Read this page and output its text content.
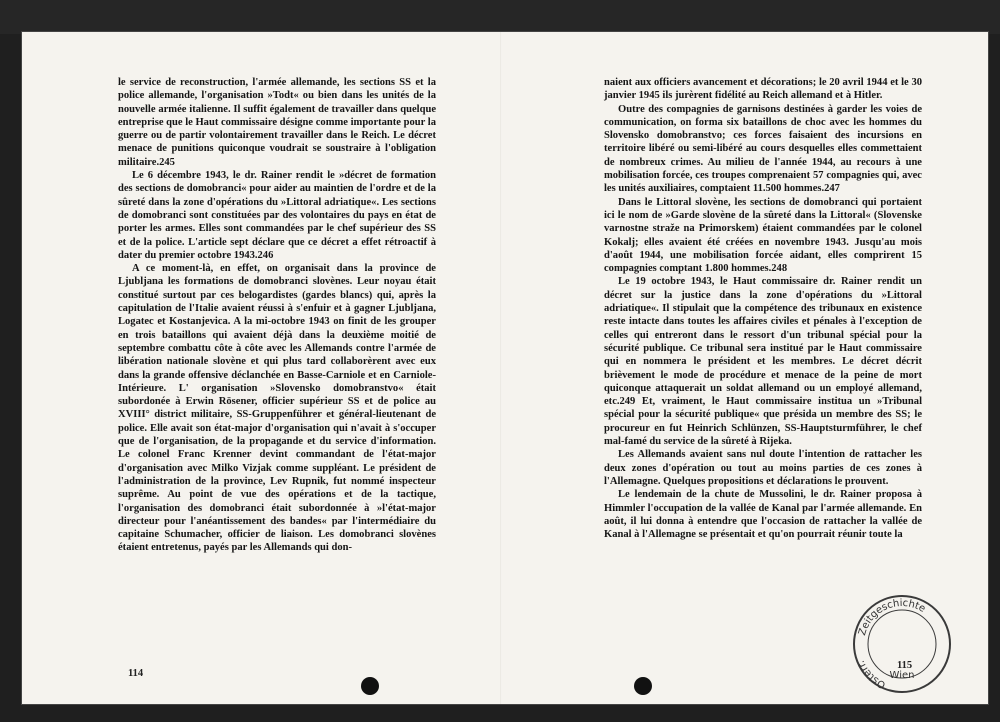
le service de reconstruction, l'armée allemande, les sections SS et la police allemande, l'organisation »Todt« ou bien dans les unités de la nouvelle armée italienne. Il suffit également de travailler dans quelque entreprise que le Haut commissaire désigne comme importante pour la guerre ou de partir volontairement travailler dans le Reich. Le décret menace de punitions quiconque voudrait se soustraire à l'obligation militaire.245

Le 6 décembre 1943, le dr. Rainer rendit le »décret de formation des sections de domobranci« pour aider au maintien de l'ordre et de la sûreté dans la zone d'opérations du »Littoral adriatique«. Les sections de domobranci sont constituées par des volontaires du pays en état de porter les armes. Elles sont commandées par le chef supérieur des SS et de la police. L'article sept déclare que ce décret a effet rétroactif à dater du premier octobre 1943.246

A ce moment-là, en effet, on organisait dans la province de Ljubljana les formations de domobranci slovènes. Leur noyau était constitué surtout par ces belogardistes (gardes blancs) qui, après la capitulation de l'Italie avaient réussi à s'enfuir et à gagner Ljubljana, Logatec et Kostanjevica. A la mi-octobre 1943 on finit de les grouper en trois bataillons qui avaient déjà dans la deuxième moitié de septembre combattu côte à côte avec les Allemands contre l'armée de libération nationale slovène et qui plus tard collaborèrent avec eux dans la grande offensive déclanchée en Basse-Carniole et en Carniole-Intérieure. L' organisation »Slovensko domobranstvo« était subordonée à Erwin Rösener, officier supérieur SS et de police au XVIII° district militaire, SS-Gruppenführer et général-lieutenant de police. Elle avait son état-major d'organisation qui n'avait à s'occuper que de l'organisation, de la propagande et du service d'information. Le colonel Franc Krenner devint commandant de l'état-major d'organisation avec Milko Vizjak comme suppléant. Le président de l'administration de la province, Lev Rupnik, fut nommé inspecteur suprême. Au point de vue des opérations et de la tactique, l'organisation des domobranci était subordonnée à »l'état-major directeur pour l'anéantissement des bandes« par l'intermédiaire du capitaine Schumacher, officier de liaison. Les domobranci slovènes étaient entretenus, payés par les Allemands qui don-

naient aux officiers avancement et décorations; le 20 avril 1944 et le 30 janvier 1945 ils jurèrent fidélité au Reich allemand et à Hitler.

Outre des compagnies de garnisons destinées à garder les voies de communication, on forma six bataillons de choc avec les hommes du Slovensko domobranstvo; ces forces faisaient des incursions en territoire libéré ou semi-libéré au cours desquelles elles commettaient de nombreux crimes. Au milieu de l'année 1944, au recours à une mobilisation forcée, ces troupes comprenaient 57 compagnies qui, avec les unités auxiliaires, comptaient 11.500 hommes.247

Dans le Littoral slovène, les sections de domobranci qui portaient ici le nom de »Garde slovène de la sûreté dans la Littoral« (Slovenske varnostne straže na Primorskem) étaient commandées par le colonel Kokalj; elles avaient été créées en novembre 1943. Jusqu'au mois d'août 1944, une mobilisation forcée aidant, elles comprirent 15 compagnies comptant 1.800 hommes.248

Le 19 octobre 1943, le Haut commissaire dr. Rainer rendit un décret sur la justice dans la zone d'opérations du »Littoral adriatique«. Il stipulait que la compétence des tribunaux en existence reste intacte dans toutes les affaires civiles et pénales à l'exception de celles qui entreront dans le ressort d'un tribunal spécial pour la sécurité publique. Ce tribunal sera institué par le Haut commissaire qui en nommera le président et les membres. Le décret décrit brièvement le mode de procédure et menace de la peine de mort quiconque attaquerait un soldat allemand ou un employé allemand, etc.249 Et, vraiment, le Haut commissaire institua un »Tribunal spécial pour la sécurité publique« que présida un membre des SS; le procureur en fut Heinrich Schlünzen, SS-Hauptsturmführer, le chef mal-famé du service de la sûreté à Rijeka.

Les Allemands avaient sans nul doute l'intention de rattacher les deux zones d'opération ou tout au moins parties de ces zones à l'Allemagne. Quelques propositions et déclarations le prouvent.

Le lendemain de la chute de Mussolini, le dr. Rainer proposa à Himmler l'occupation de la vallée de Kanal par l'armée allemande. En août, il lui donna à entendre que l'occasion de rattacher la vallée de Kanal à l'Allemagne se présentait et qu'on pourrait réunir toute la

114
115
Zeitgeschichte
Osterr.
Wien
